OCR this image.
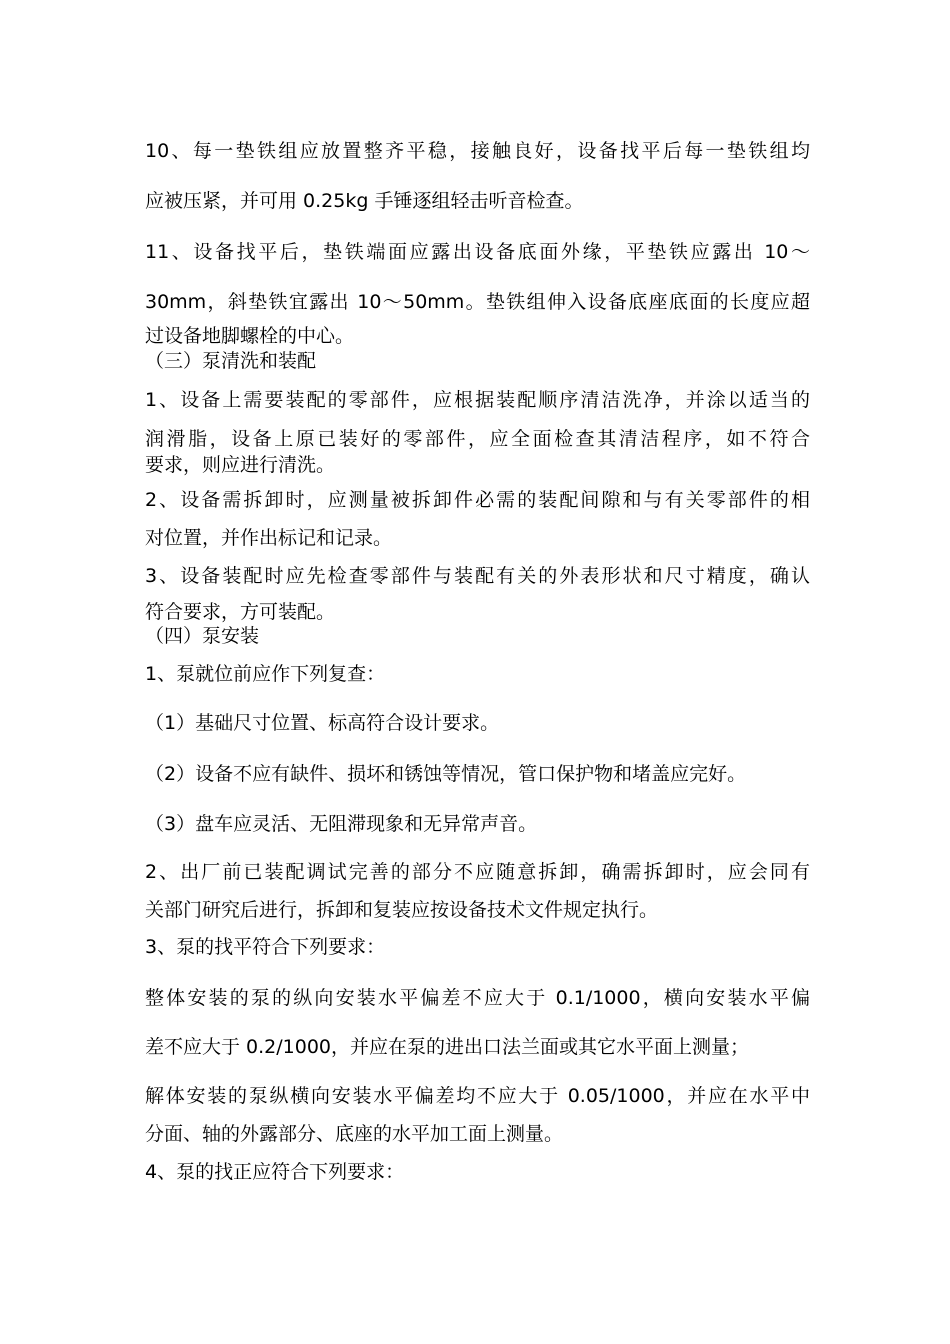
10、每一垫铁组应放置整齐平稳，接触良好，设备找平后每一垫铁组均
应被压紧，并可用 0.25kg 手锤逐组轻击听音检查。
11、设备找平后，垫铁端面应露出设备底面外缘，平垫铁应露出 10～
30mm，斜垫铁宜露出 10～50mm。垫铁组伸入设备底座底面的长度应超
过设备地脚螺栓的中心。
（三）泵清洗和装配
1、设备上需要装配的零部件，应根据装配顺序清洁洗净，并涂以适当的
润滑脂，设备上原已装好的零部件，应全面检查其清洁程序，如不符合
要求，则应进行清洗。
2、设备需拆卸时，应测量被拆卸件必需的装配间隙和与有关零部件的相
对位置，并作出标记和记录。
3、设备装配时应先检查零部件与装配有关的外表形状和尺寸精度，确认
符合要求，方可装配。
（四）泵安装
1、泵就位前应作下列复查：
（1）基础尺寸位置、标高符合设计要求。
（2）设备不应有缺件、损坏和锈蚀等情况，管口保护物和堵盖应完好。
（3）盘车应灵活、无阻滞现象和无异常声音。
2、出厂前已装配调试完善的部分不应随意拆卸，确需拆卸时，应会同有
关部门研究后进行，拆卸和复装应按设备技术文件规定执行。
3、泵的找平符合下列要求：
整体安装的泵的纵向安装水平偏差不应大于 0.1/1000，横向安装水平偏
差不应大于 0.2/1000，并应在泵的进出口法兰面或其它水平面上测量；
解体安装的泵纵横向安装水平偏差均不应大于 0.05/1000，并应在水平中
分面、轴的外露部分、底座的水平加工面上测量。
4、泵的找正应符合下列要求：
